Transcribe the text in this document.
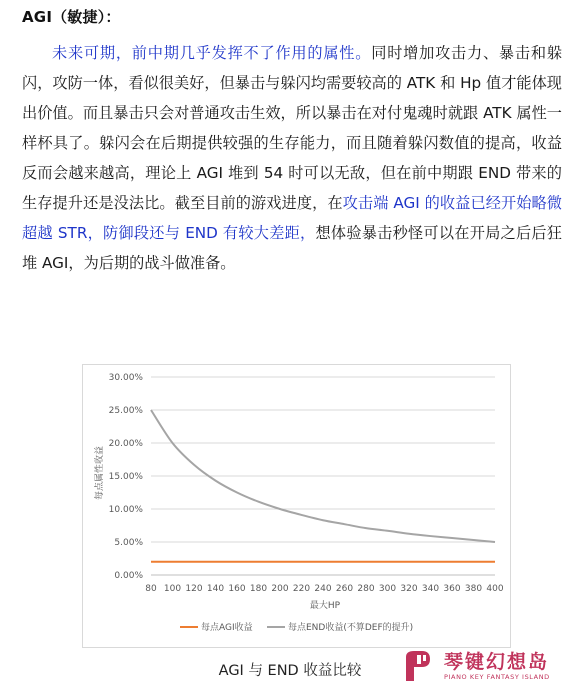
AGI（敏捷）：

未来可期，前中期几乎发挥不了作用的属性。同时增加攻击力、暴击和躲闪，攻防一体，看似很美好，但暴击与躲闪均需要较高的 ATK 和 Hp 值才能体现出价值。而且暴击只会对普通攻击生效，所以暴击在对付鬼魂时就跟 ATK 属性一样杯具了。躲闪会在后期提供较强的生存能力，而且随着躲闪数值的提高，收益反而会越来越高，理论上 AGI 堆到 54 时可以无敌，但在前中期跟 END 带来的生存提升还是没法比。截至目前的游戏进度，在攻击端 AGI 的收益已经开始略微超越 STR，防御段还与 END 有较大差距，想体验暴击秒怪可以在开局之后后狂堆 AGI，为后期的战斗做准备。

0.00%
5.00%
10.00%
15.00%
20.00%
25.00%
30.00%
80 100 120 140 160 180 200 220 240 260 280 300 320 340 360 380 400
每点属性收益
最大HP
每点AGI收益	每点END收益(不算DEF的提升)
AGI 与 END 收益比较	琴键幻想岛
PIANO KEY FANTASY ISLAND
